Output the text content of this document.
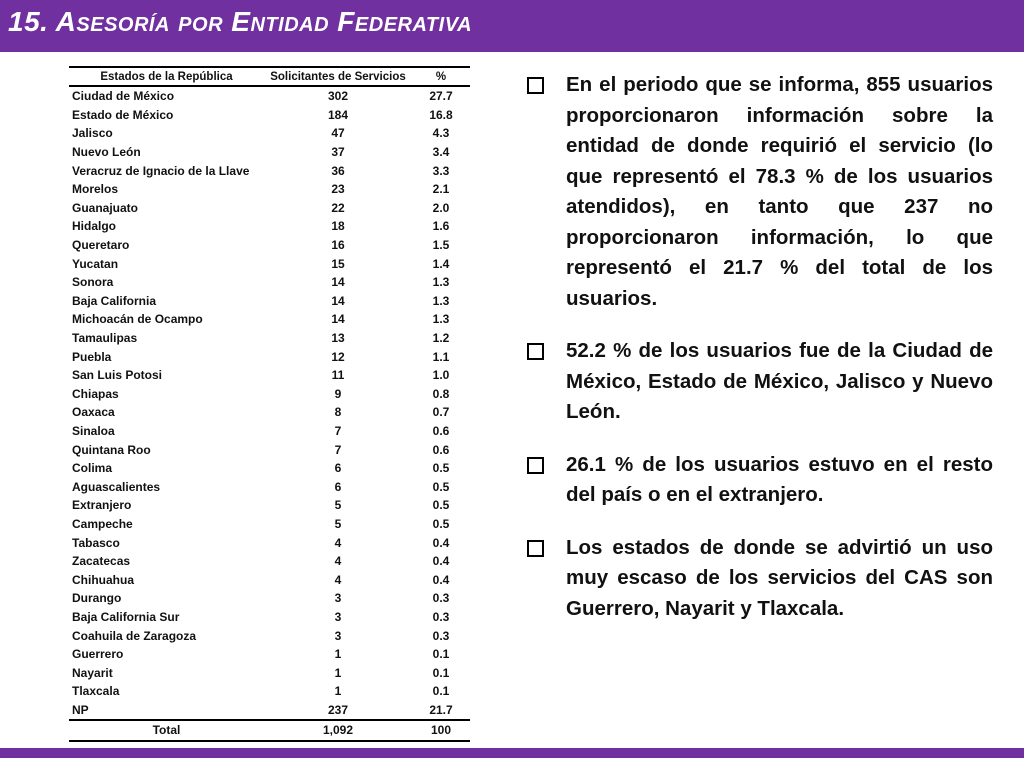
15. Asesoría por Entidad Federativa
Estados de la República	Solicitantes de Servicios	%
Ciudad de México	302	27.7
Estado de México	184	16.8
Jalisco	47	4.3
Nuevo León	37	3.4
Veracruz de Ignacio de la Llave	36	3.3
Morelos	23	2.1
Guanajuato	22	2.0
Hidalgo	18	1.6
Queretaro	16	1.5
Yucatan	15	1.4
Sonora	14	1.3
Baja California	14	1.3
Michoacán de Ocampo	14	1.3
Tamaulipas	13	1.2
Puebla	12	1.1
San Luis Potosi	11	1.0
Chiapas	9	0.8
Oaxaca	8	0.7
Sinaloa	7	0.6
Quintana Roo	7	0.6
Colima	6	0.5
Aguascalientes	6	0.5
Extranjero	5	0.5
Campeche	5	0.5
Tabasco	4	0.4
Zacatecas	4	0.4
Chihuahua	4	0.4
Durango	3	0.3
Baja California Sur	3	0.3
Coahuila de Zaragoza	3	0.3
Guerrero	1	0.1
Nayarit	1	0.1
Tlaxcala	1	0.1
NP	237	21.7
Total	1,092	100
En el periodo que se informa, 855 usuarios proporcionaron información sobre la entidad de donde requirió el servicio (lo que representó el 78.3 % de los usuarios atendidos), en tanto que 237 no proporcionaron información, lo que representó el 21.7 % del total de los usuarios.
52.2 % de los usuarios fue de la Ciudad de México, Estado de México, Jalisco y Nuevo León.
26.1 % de los usuarios estuvo en el resto del país o en el extranjero.
Los estados de donde se advirtió un uso muy escaso de los servicios del CAS son Guerrero, Nayarit y Tlaxcala.
